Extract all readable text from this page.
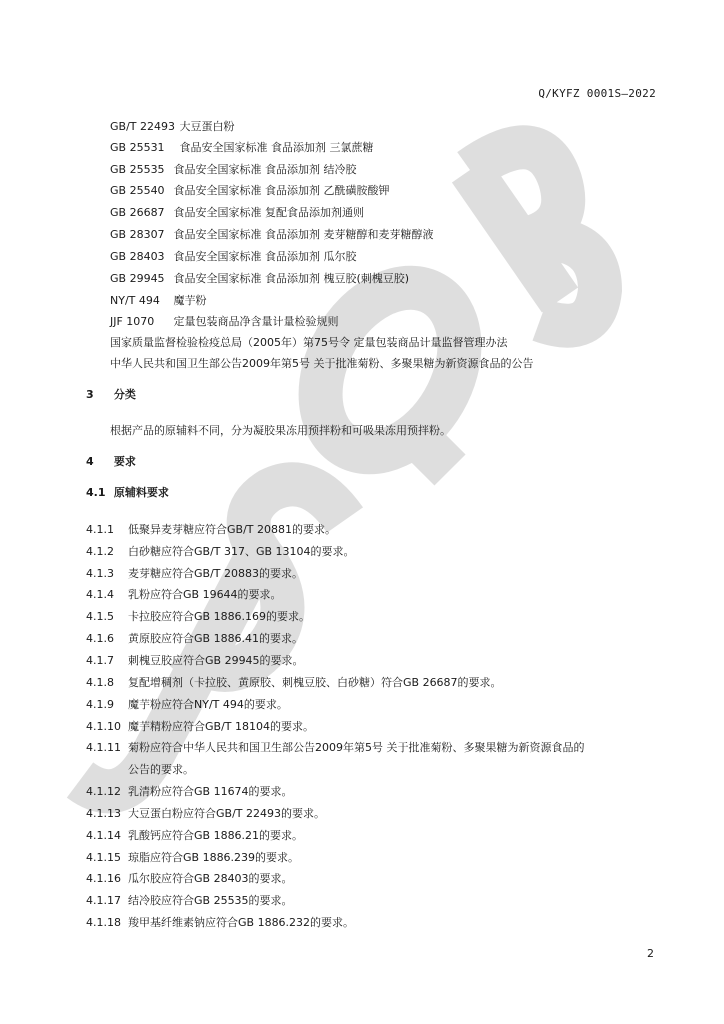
Q/KYFZ 0001S—2022
GB/T 22493 大豆蛋白粉
GB 25531 食品安全国家标准 食品添加剂 三氯蔗糖
GB 25535 食品安全国家标准 食品添加剂 结冷胶
GB 25540 食品安全国家标准 食品添加剂 乙酰磺胺酸钾
GB 26687 食品安全国家标准 复配食品添加剂通则
GB 28307 食品安全国家标准 食品添加剂 麦芽糖醇和麦芽糖醇液
GB 28403 食品安全国家标准 食品添加剂 瓜尔胶
GB 29945 食品安全国家标准 食品添加剂 槐豆胶(刺槐豆胶)
NY/T 494 魔芋粉
JJF 1070 定量包装商品净含量计量检验规则
国家质量监督检验检疫总局（2005年）第75号令 定量包装商品计量监督管理办法
中华人民共和国卫生部公告2009年第5号 关于批准菊粉、多聚果糖为新资源食品的公告
3 分类
根据产品的原辅料不同，分为凝胶果冻用预拌粉和可吸果冻用预拌粉。
4 要求
4.1 原辅料要求
4.1.1 低聚异麦芽糖应符合GB/T 20881的要求。
4.1.2 白砂糖应符合GB/T 317、GB 13104的要求。
4.1.3 麦芽糖应符合GB/T 20883的要求。
4.1.4 乳粉应符合GB 19644的要求。
4.1.5 卡拉胶应符合GB 1886.169的要求。
4.1.6 黄原胶应符合GB 1886.41的要求。
4.1.7 刺槐豆胶应符合GB 29945的要求。
4.1.8 复配增稠剂（卡拉胶、黄原胶、刺槐豆胶、白砂糖）符合GB 26687的要求。
4.1.9 魔芋粉应符合NY/T 494的要求。
4.1.10 魔芋精粉应符合GB/T 18104的要求。
4.1.11 菊粉应符合中华人民共和国卫生部公告2009年第5号 关于批准菊粉、多聚果糖为新资源食品的
公告的要求。
4.1.12 乳清粉应符合GB 11674的要求。
4.1.13 大豆蛋白粉应符合GB/T 22493的要求。
4.1.14 乳酸钙应符合GB 1886.21的要求。
4.1.15 琼脂应符合GB 1886.239的要求。
4.1.16 瓜尔胶应符合GB 28403的要求。
4.1.17 结冷胶应符合GB 25535的要求。
4.1.18 羧甲基纤维素钠应符合GB 1886.232的要求。
2
